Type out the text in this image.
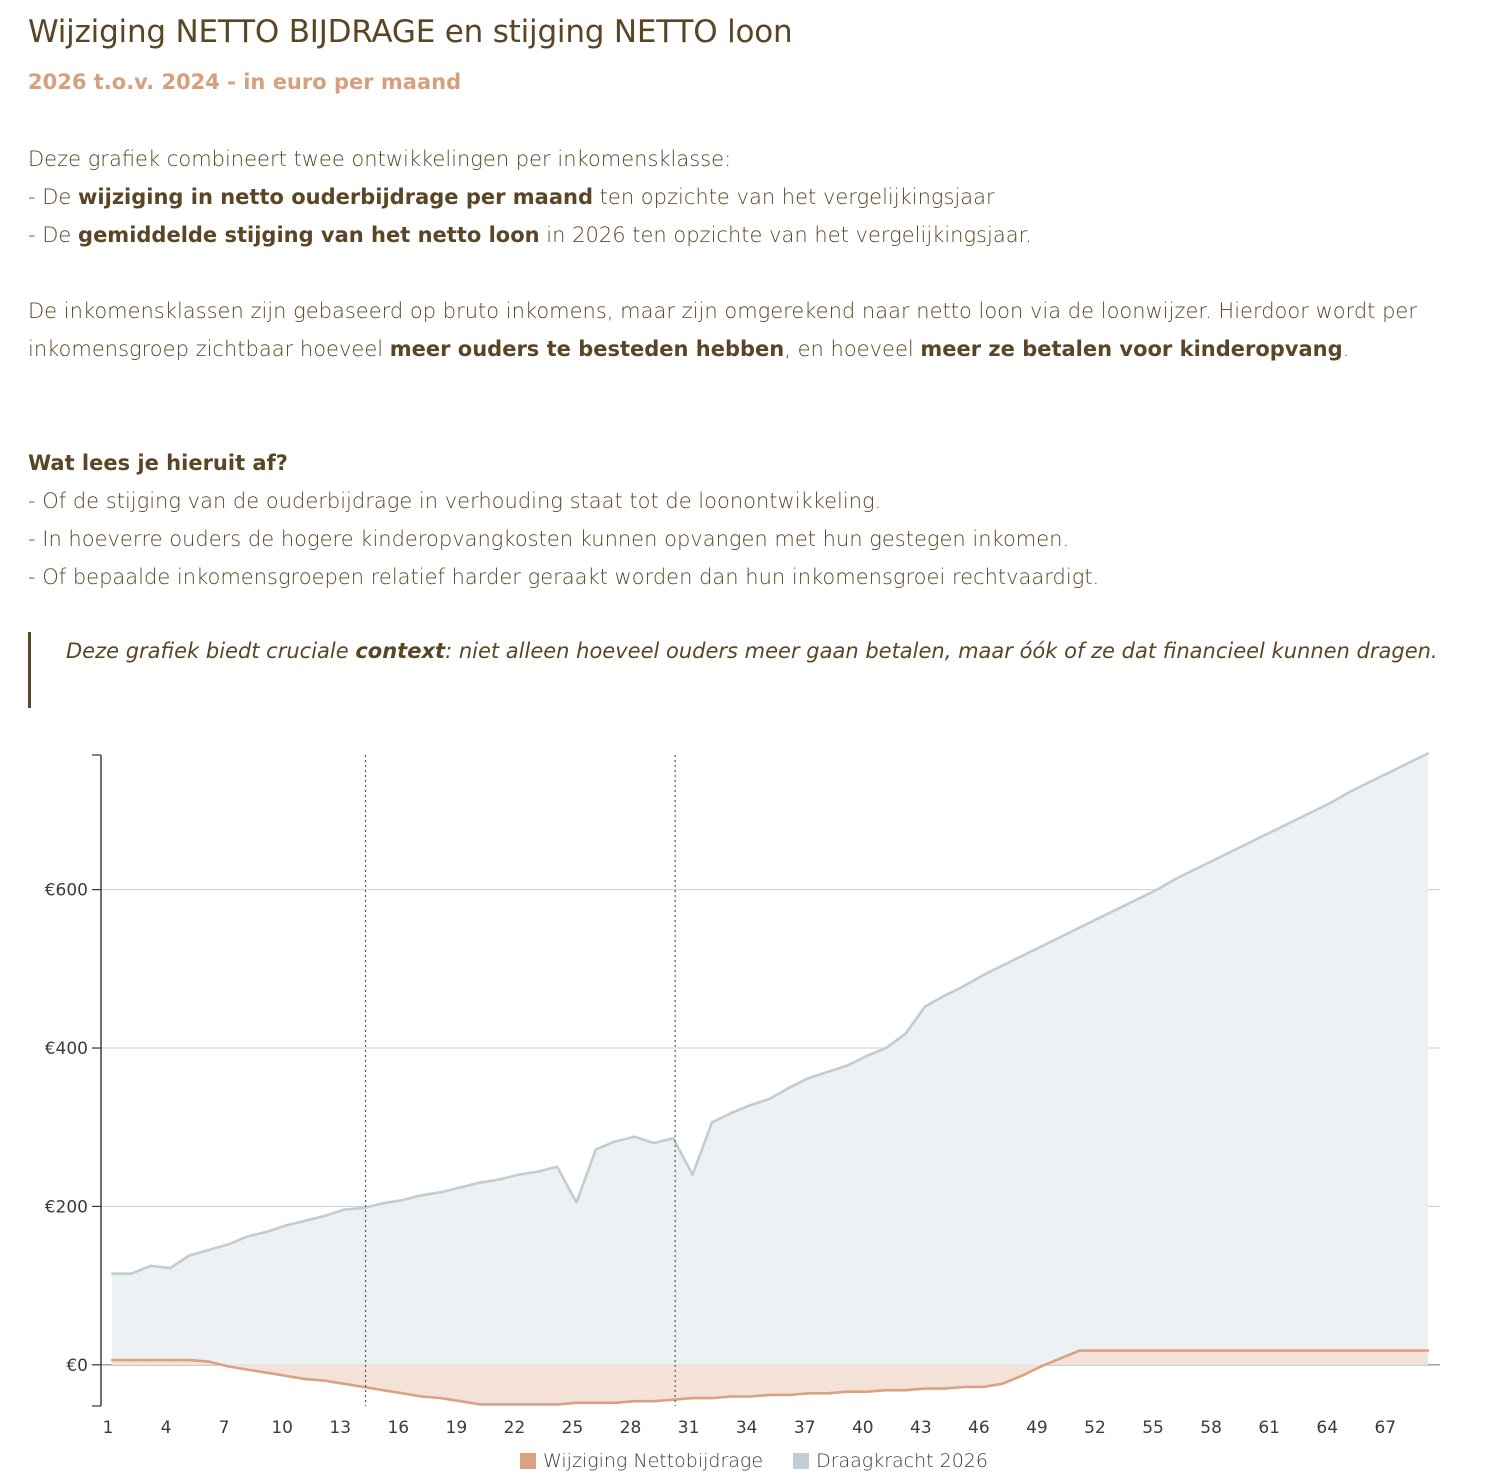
Wijziging NETTO BIJDRAGE en stijging NETTO loon
2026 t.o.v. 2024 - in euro per maand
Deze grafiek combineert twee ontwikkelingen per inkomensklasse:
- De wijziging in netto ouderbijdrage per maand ten opzichte van het vergelijkingsjaar
- De gemiddelde stijging van het netto loon in 2026 ten opzichte van het vergelijkingsjaar.
De inkomensklassen zijn gebaseerd op bruto inkomens, maar zijn omgerekend naar netto loon via de loonwijzer. Hierdoor wordt per inkomensgroep zichtbaar hoeveel meer ouders te besteden hebben, en hoeveel meer ze betalen voor kinderopvang.
Wat lees je hieruit af?
- Of de stijging van de ouderbijdrage in verhouding staat tot de loonontwikkeling.
- In hoeverre ouders de hogere kinderopvangkosten kunnen opvangen met hun gestegen inkomen.
- Of bepaalde inkomensgroepen relatief harder geraakt worden dan hun inkomensgroei rechtvaardigt.
Deze grafiek biedt cruciale context: niet alleen hoeveel ouders meer gaan betalen, maar óók of ze dat financieel kunnen dragen.
€0
€200
€400
€600
1	4	7 10 13 16 19 22 25 28 31 34 37 40 43 46 49 52 55 58 61 64 67
Wijziging Nettobijdrage
	Draagkracht 2026
